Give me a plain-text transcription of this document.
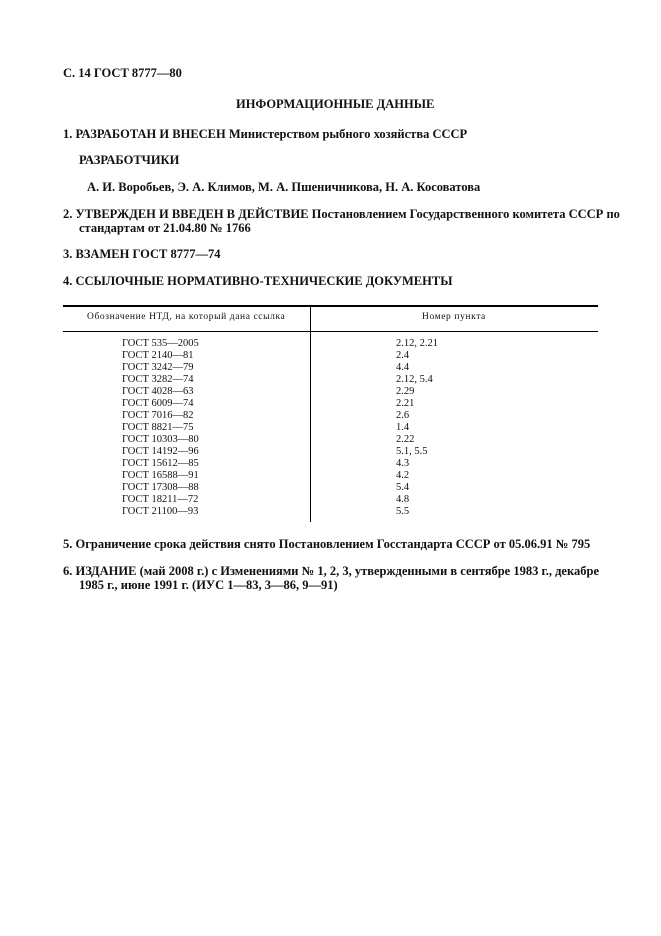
С. 14 ГОСТ 8777—80
ИНФОРМАЦИОННЫЕ ДАННЫЕ
1. РАЗРАБОТАН И ВНЕСЕН Министерством рыбного хозяйства СССР
РАЗРАБОТЧИКИ
А. И. Воробьев, Э. А. Климов, М. А. Пшеничникова, Н. А. Косоватова
2. УТВЕРЖДЕН И ВВЕДЕН В ДЕЙСТВИЕ Постановлением Государственного комитета СССР по
стандартам от 21.04.80 № 1766
3. ВЗАМЕН ГОСТ 8777—74
4. ССЫЛОЧНЫЕ НОРМАТИВНО-ТЕХНИЧЕСКИЕ ДОКУМЕНТЫ
Обозначение НТД, на который дана ссылка	Номер пункта
ГОСТ 535—2005
ГОСТ 2140—81
ГОСТ 3242—79
ГОСТ 3282—74
ГОСТ 4028—63
ГОСТ 6009—74
ГОСТ 7016—82
ГОСТ 8821—75
ГОСТ 10303—80
ГОСТ 14192—96
ГОСТ 15612—85
ГОСТ 16588—91
ГОСТ 17308—88
ГОСТ 18211—72
ГОСТ 21100—93
2.12, 2.21
2.4
4.4
2.12, 5.4
2.29
2.21
2.6
1.4
2.22
5.1, 5.5
4.3
4.2
5.4
4.8
5.5
5. Ограничение срока действия снято Постановлением Госстандарта СССР от 05.06.91 № 795
6. ИЗДАНИЕ (май 2008 г.) с Изменениями № 1, 2, 3, утвержденными в сентябре 1983 г., декабре
1985 г., июне 1991 г. (ИУС 1—83, 3—86, 9—91)
